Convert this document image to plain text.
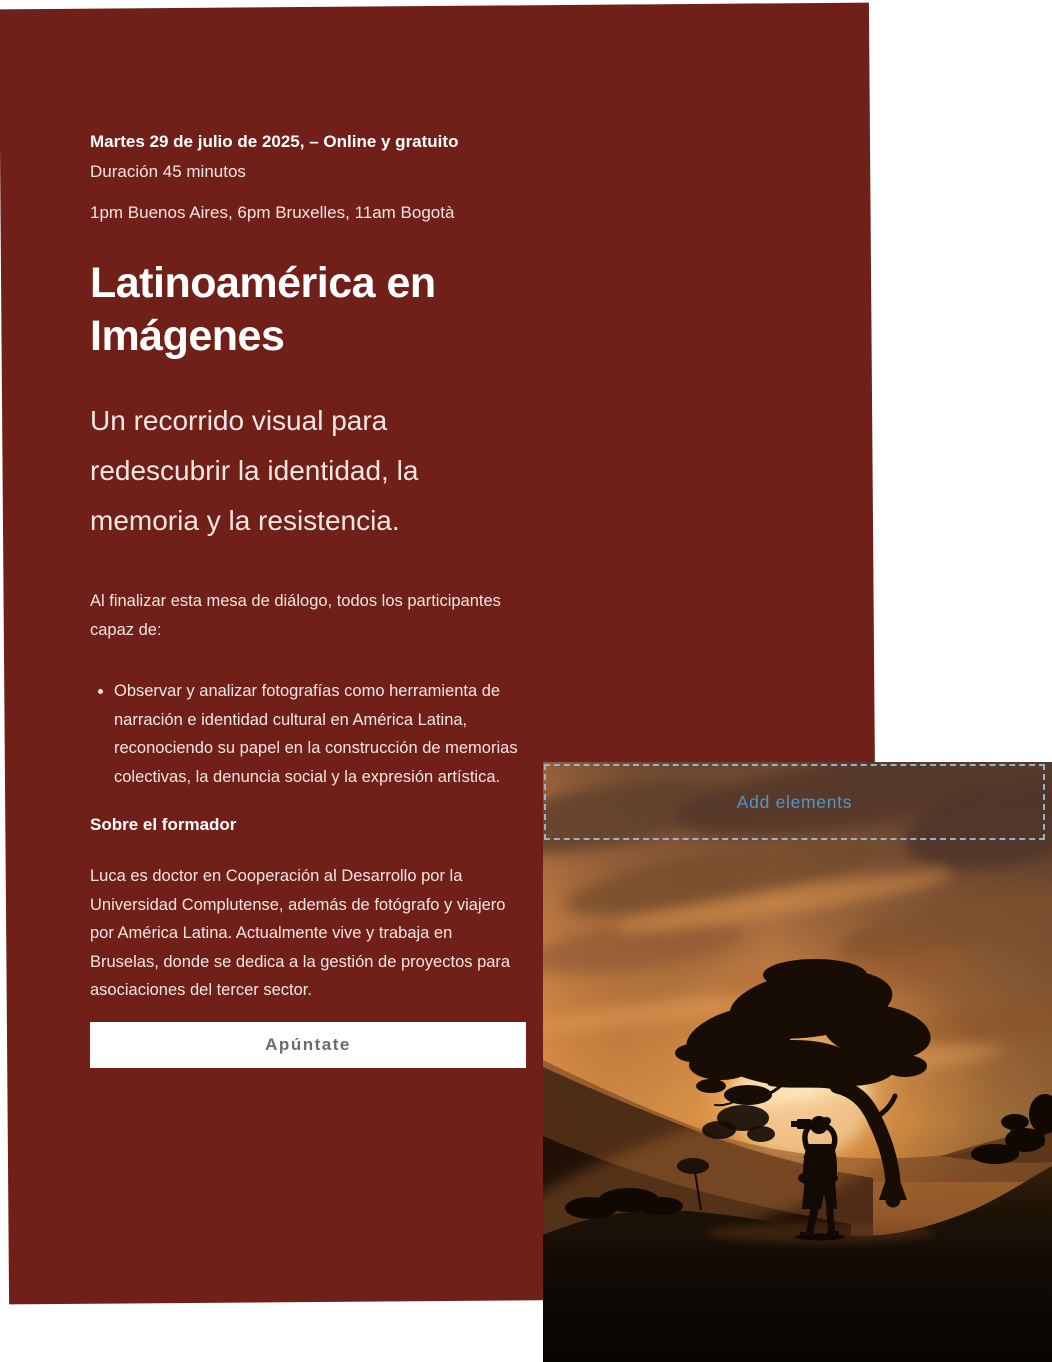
Martes 29 de julio de 2025, – Online y gratuito

Duración 45 minutos

1pm Buenos Aires, 6pm Bruxelles, 11am Bogotà

Latinoamérica en Imágenes

Un recorrido visual para redescubrir la identidad, la memoria y la resistencia.

Al finalizar esta mesa de diálogo, todos los participantes capaz de:

• Observar y analizar fotografías como herramienta de narración e identidad cultural en América Latina, reconociendo su papel en la construcción de memorias colectivas, la denuncia social y la expresión artística.
Sobre el formador

Luca es doctor en Cooperación al Desarrollo por la Universidad Complutense, además de fotógrafo y viajero por América Latina. Actualmente vive y trabaja en Bruselas, donde se dedica a la gestión de proyectos para asociaciones del tercer sector.

Apúntate
Add elements
